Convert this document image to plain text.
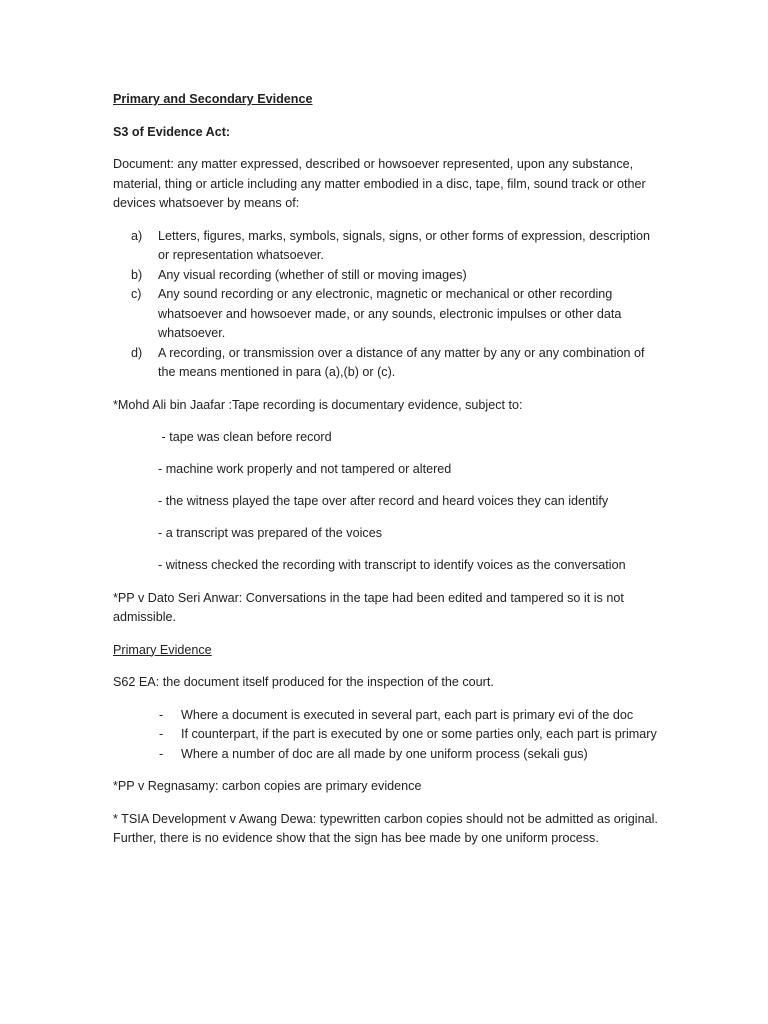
Primary and Secondary Evidence
S3 of Evidence Act:
Document: any matter expressed, described or howsoever represented, upon any substance, material, thing or article including any matter embodied in a disc, tape, film, sound track or other devices whatsoever by means of:
a) Letters, figures, marks, symbols, signals, signs, or other forms of expression, description or representation whatsoever.
b) Any visual recording (whether of still or moving images)
c) Any sound recording or any electronic, magnetic or mechanical or other recording whatsoever and howsoever made, or any sounds, electronic impulses or other data whatsoever.
d) A recording, or transmission over a distance of any matter by any or any combination of the means mentioned in para (a),(b) or (c).
*Mohd Ali bin Jaafar :Tape recording is documentary evidence, subject to:
- tape was clean before record
- machine work properly and not tampered or altered
- the witness played the tape over after record and heard voices they can identify
- a transcript was prepared of the voices
- witness checked the recording with transcript to identify voices as the conversation
*PP v Dato Seri Anwar: Conversations in the tape had been edited and tampered so it is not admissible.
Primary Evidence
S62 EA: the document itself produced for the inspection of the court.
- Where a document is executed in several part, each part is primary evi of the doc
- If counterpart, if the part is executed by one or some parties only, each part is primary
- Where a number of doc are all made by one uniform process (sekali gus)
*PP v Regnasamy: carbon copies are primary evidence
* TSIA Development v Awang Dewa: typewritten carbon copies should not be admitted as original. Further, there is no evidence show that the sign has bee made by one uniform process.
